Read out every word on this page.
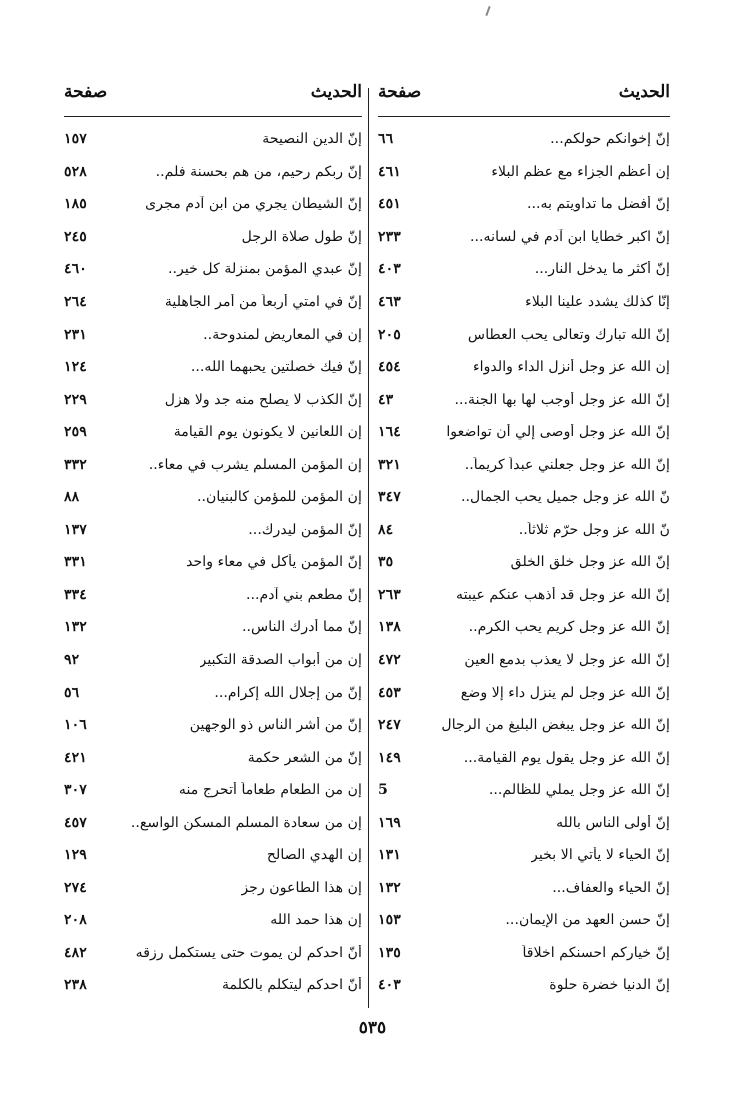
الحديث
صفحة
إنّ إخوانكم حولكم...
٦٦
إن أعظم الجزاء مع عظم البلاء
٤٦١
إنّ أفضل ما تداويتم به...
٤٥١
إنّ اكبر خطايا ابن آدم في لسانه...
٢٣٣
إنّ أكثر ما يدخل النار...
٤٠٣
إنّا كذلك يشدد علينا البلاء
٤٦٣
إنّ الله تبارك وتعالى يحب العطاس
٢٠٥
إن الله عز وجل أنزل الداء والدواء
٤٥٤
إنّ الله عز وجل أوجب لها بها الجنة...
٤٣
إنّ الله عز وجل أوصى إلي أن تواضعوا
١٦٤
إنّ الله عز وجل جعلني عبداً كريماً..
٣٢١
نّ الله عز وجل جميل يحب الجمال..
٣٤٧
نّ الله عز وجل حرّم ثلاثاً..
٨٤
إنّ الله عز وجل خلق الخلق
٣٥
إنّ الله عز وجل قد أذهب عنكم عيبته
٢٦٣
إنّ الله عز وجل كريم يحب الكرم..
١٣٨
إنّ الله عز وجل لا يعذب بدمع العين
٤٧٢
إنّ الله عز وجل لم ينزل داء إلا وضع
٤٥٣
إنّ الله عز وجل يبغض البليغ من الرجال
٢٤٧
إنّ الله عز وجل يقول يوم القيامة...
١٤٩
إنّ الله عز وجل يملي للظالم...
5
إنّ أولى الناس بالله
١٦٩
إنّ الحياء لا يأتي الا بخير
١٣١
إنّ الحياء والعفاف...
١٣٢
إنّ حسن العهد من الإيمان...
١٥٣
إنّ خياركم احسنكم اخلاقاً
١٣٥
إنّ الدنيا خضرة حلوة
٤٠٣
الحديث
صفحة
إنّ الدين النصيحة
١٥٧
إنّ ربكم رحيم، من هم بحسنة فلم..
٥٢٨
إنّ الشيطان يجري من ابن آدم مجرى
١٨٥
إنّ طول صلاة الرجل
٢٤٥
إنّ عبدي المؤمن بمنزلة كل خير..
٤٦٠
إنّ في امتي أربعاً من أمر الجاهلية
٢٦٤
إن في المعاريض لمندوحة..
٢٣١
إنّ فيك خصلتين يحبهما الله...
١٢٤
إنّ الكذب لا يصلح منه جد ولا هزل
٢٢٩
إن اللعانين لا يكونون يوم القيامة
٢٥٩
إن المؤمن المسلم يشرب في معاء..
٣٣٢
إن المؤمن للمؤمن كالبنيان..
٨٨
إنّ المؤمن ليدرك...
١٣٧
إنّ المؤمن يأكل في معاء واحد
٣٣١
إنّ مطعم بني آدم...
٣٣٤
إنّ مما أدرك الناس..
١٣٢
إن من أبواب الصدقة التكبير
٩٢
إنّ من إجلال الله إكرام...
٥٦
إنّ من أشر الناس ذو الوجهين
١٠٦
إنّ من الشعر حكمة
٤٢١
إن من الطعام طعاماً أتحرج منه
٣٠٧
إن من سعادة المسلم المسكن الواسع..
٤٥٧
إن الهدي الصالح
١٢٩
إن هذا الطاعون رجز
٢٧٤
إن هذا حمد الله
٢٠٨
أنّ احدكم لن يموت حتى يستكمل رزقه
٤٨٢
أنّ احدكم ليتكلم بالكلمة
٢٣٨
٥٣٥
